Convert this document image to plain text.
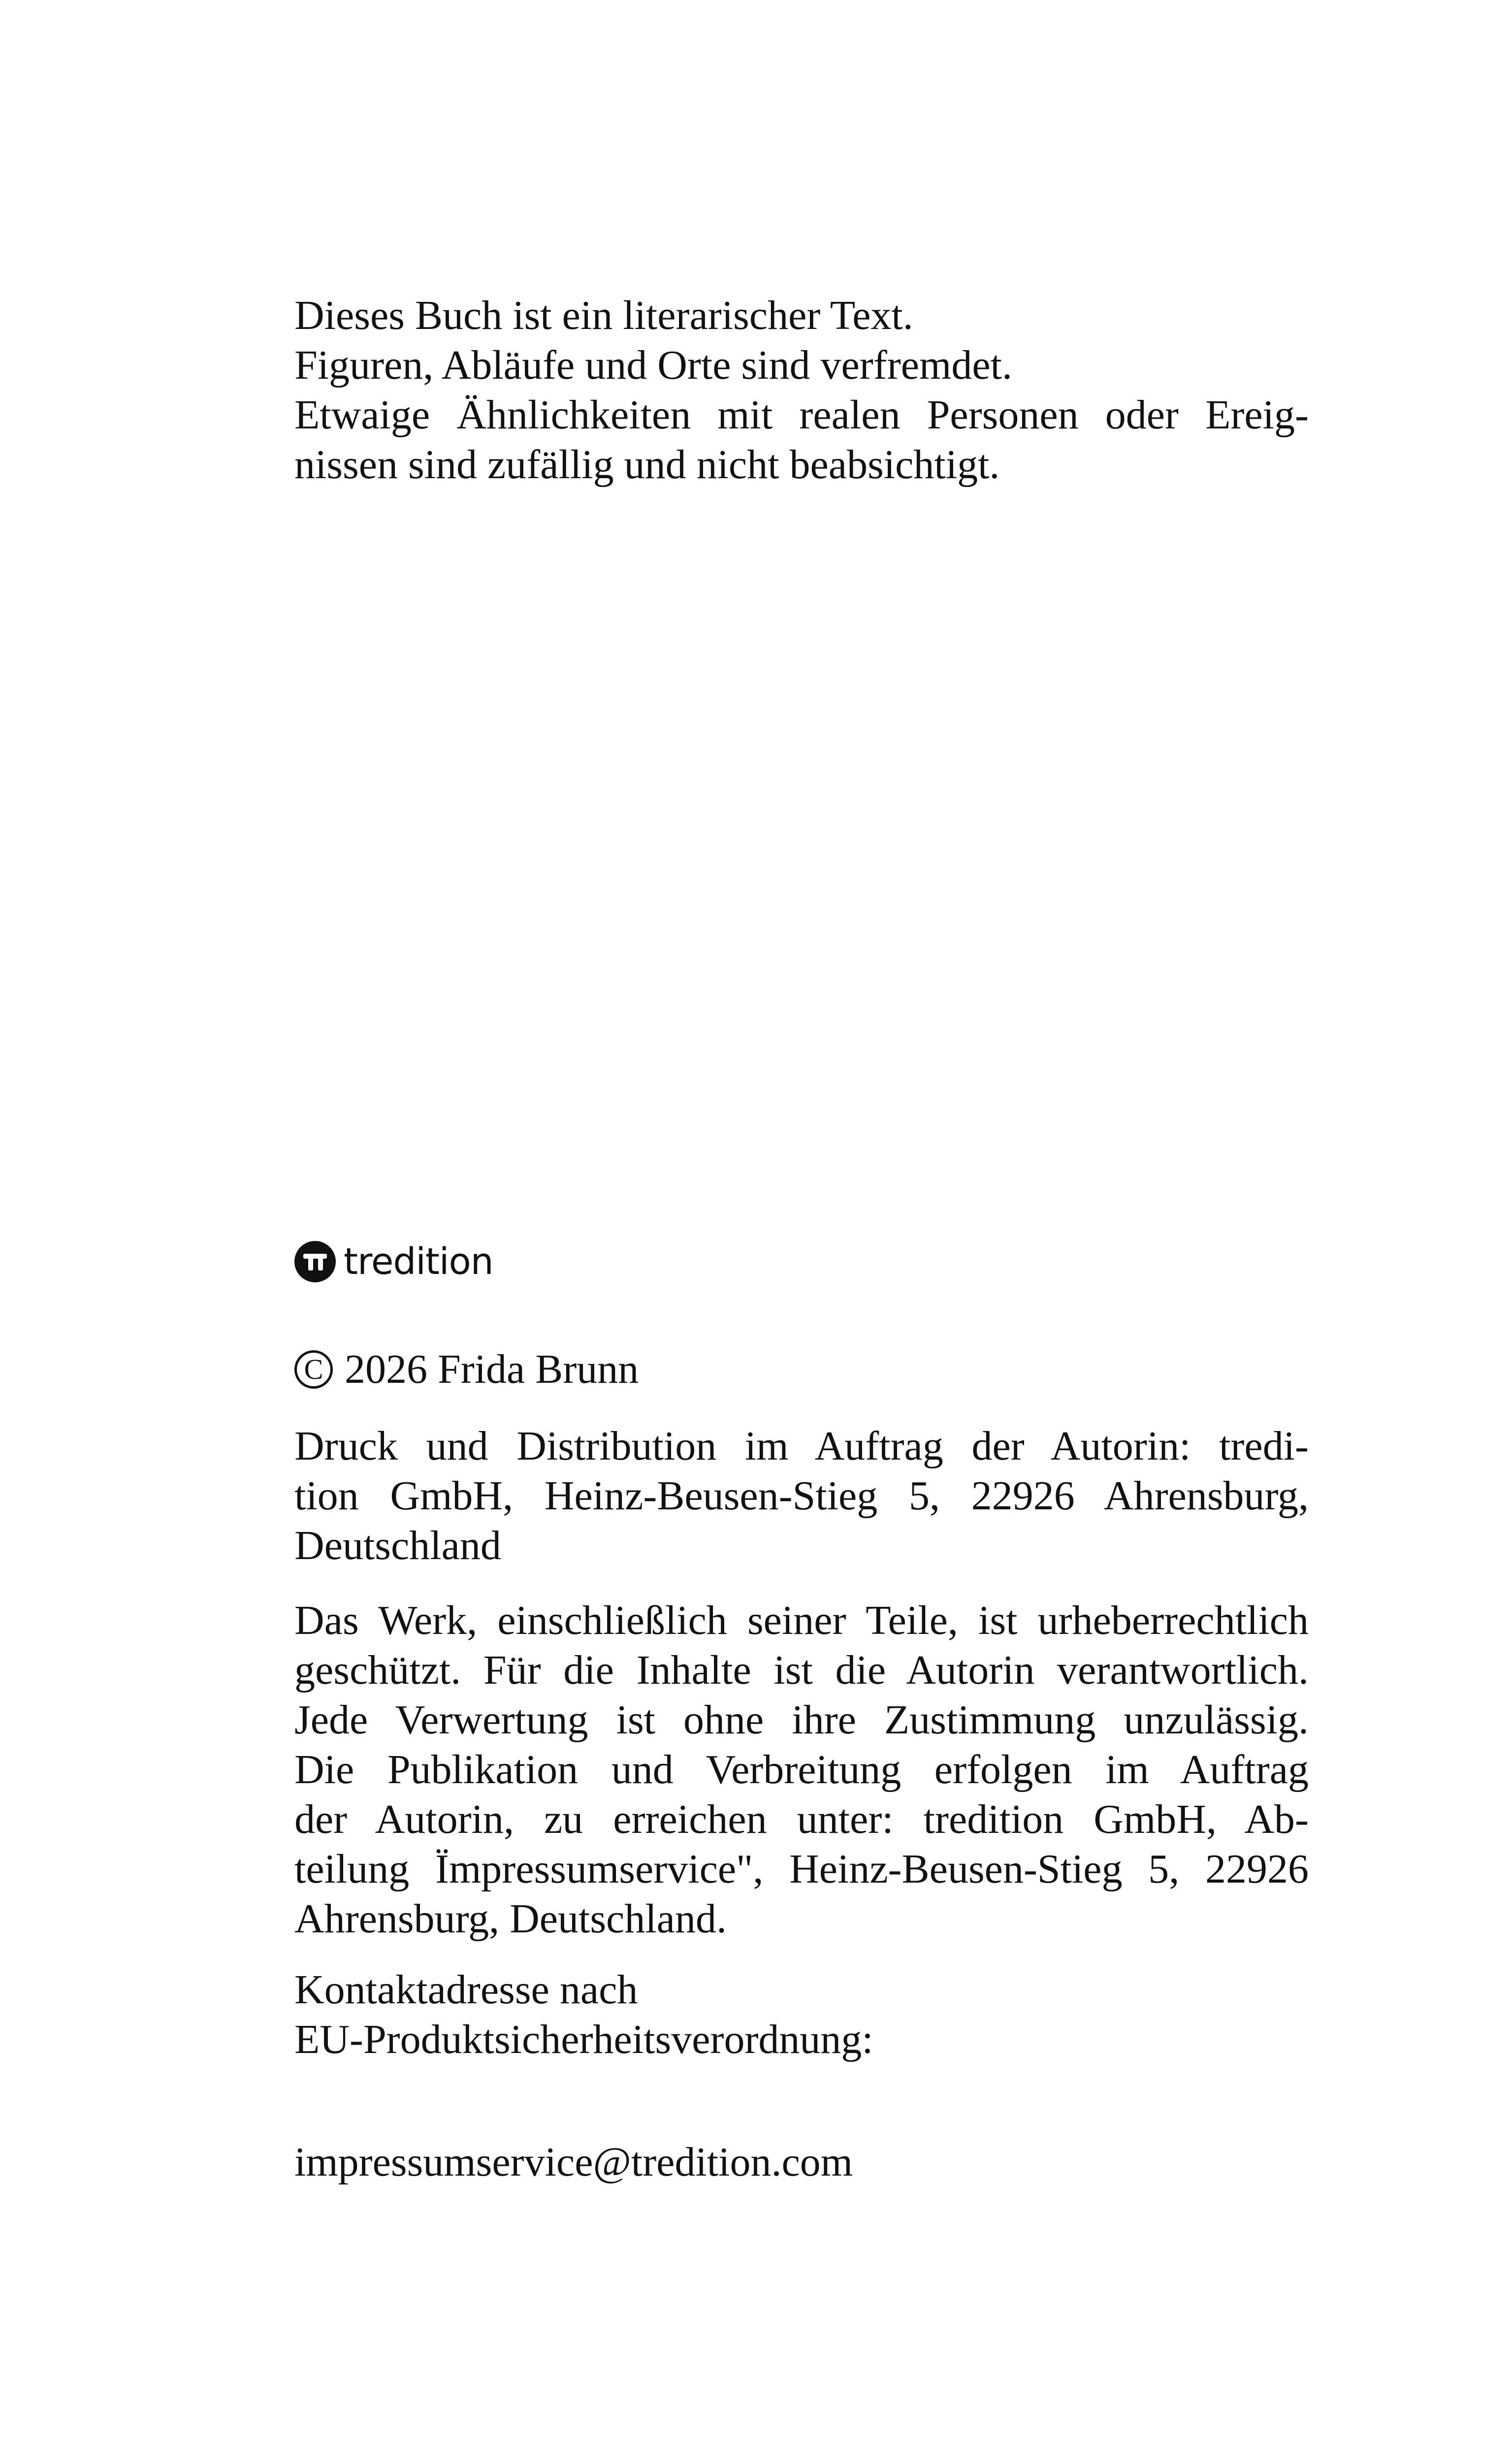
Dieses Buch ist ein literarischer Text.
Figuren, Abläufe und Orte sind verfremdet.
Etwaige Ähnlichkeiten mit realen Personen oder Ereig-
nissen sind zufällig und nicht beabsichtigt.
tredition
C 2026 Frida Brunn
Druck und Distribution im Auftrag der Autorin: tredi-
tion GmbH, Heinz-Beusen-Stieg 5, 22926 Ahrensburg,
Deutschland
Das Werk, einschließlich seiner Teile, ist urheberrechtlich
geschützt. Für die Inhalte ist die Autorin verantwortlich.
Jede Verwertung ist ohne ihre Zustimmung unzulässig.
Die Publikation und Verbreitung erfolgen im Auftrag
der Autorin, zu erreichen unter: tredition GmbH, Ab-
teilung Ïmpressumservice", Heinz-Beusen-Stieg 5, 22926
Ahrensburg, Deutschland.
Kontaktadresse nach
EU-Produktsicherheitsverordnung:
impressumservice@tredition.com
